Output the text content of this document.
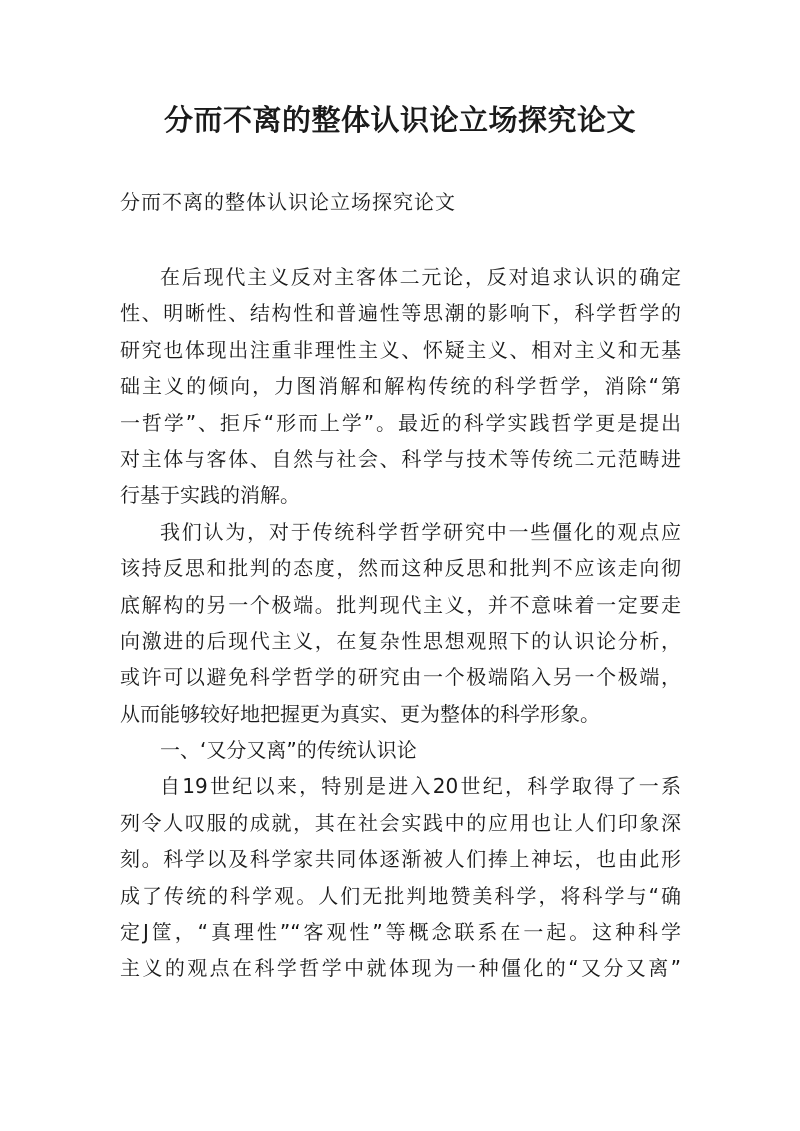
分而不离的整体认识论立场探究论文

分而不离的整体认识论立场探究论文

在后现代主义反对主客体二元论，反对追求认识的确定
性、明晰性、结构性和普遍性等思潮的影响下，科学哲学的
研究也体现出注重非理性主义、怀疑主义、相对主义和无基
础主义的倾向，力图消解和解构传统的科学哲学，消除“第
一哲学”、拒斥“形而上学”。最近的科学实践哲学更是提出
对主体与客体、自然与社会、科学与技术等传统二元范畴进
行基于实践的消解。
我们认为，对于传统科学哲学研究中一些僵化的观点应
该持反思和批判的态度，然而这种反思和批判不应该走向彻
底解构的另一个极端。批判现代主义，并不意味着一定要走
向激进的后现代主义，在复杂性思想观照下的认识论分析，
或许可以避免科学哲学的研究由一个极端陷入另一个极端，
从而能够较好地把握更为真实、更为整体的科学形象。
一、‘又分又离”的传统认识论
自19世纪以来，特别是进入20世纪，科学取得了一系
列令人叹服的成就，其在社会实践中的应用也让人们印象深
刻。科学以及科学家共同体逐渐被人们捧上神坛，也由此形
成了传统的科学观。人们无批判地赞美科学，将科学与“确
定J筐，“真理性”“客观性”等概念联系在一起。这种科学
主义的观点在科学哲学中就体现为一种僵化的“又分又离”
